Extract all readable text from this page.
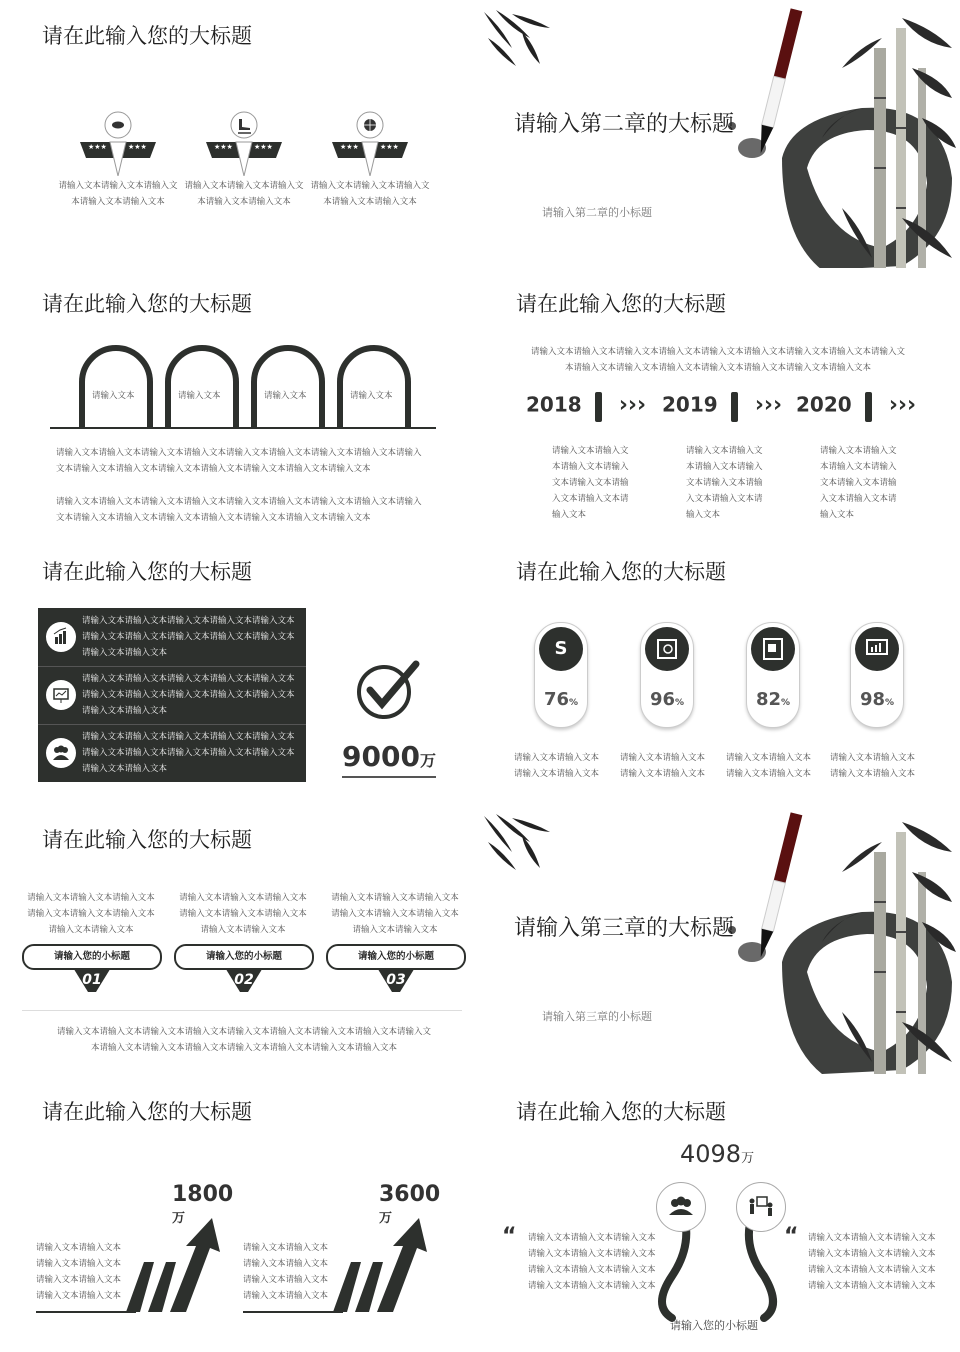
请在此输入您的大标题
★★★	★★★
请输入文本请输入文本请输入文本请输入文本请输入文本
★★★	★★★
请输入文本请输入文本请输入文本请输入文本请输入文本
★★★	★★★
请输入文本请输入文本请输入文本请输入文本请输入文本
请输入第二章的大标题
请输入第二章的小标题
请在此输入您的大标题
请输入文本	请输入文本	请输入文本	请输入文本
请输入文本请输入文本请输入文本请输入文本请输入文本请输入文本请输入文本请输入文本请输入文本请输入文本请输入文本请输入文本请输入文本请输入文本请输入文本请输入文本
请输入文本请输入文本请输入文本请输入文本请输入文本请输入文本请输入文本请输入文本请输入文本请输入文本请输入文本请输入文本请输入文本请输入文本请输入文本请输入文本
请在此输入您的大标题
请输入文本请输入文本请输入文本请输入文本请输入文本请输入文本请输入文本请输入文本请输入文本请输入文本请输入文本请输入文本请输入文本请输入文本请输入文本请输入文本
2018 ››› 2019 ››› 2020 ›››
请输入文本请输入文本请输入文本请输入文本请输入文本请输入文本请输入文本请输入文本
请输入文本请输入文本请输入文本请输入文本请输入文本请输入文本请输入文本请输入文本
请输入文本请输入文本请输入文本请输入文本请输入文本请输入文本请输入文本请输入文本
请在此输入您的大标题
请输入文本请输入文本请输入文本请输入文本请输入文本请输入文本请输入文本请输入文本请输入文本请输入文本请输入文本请输入文本
请输入文本请输入文本请输入文本请输入文本请输入文本请输入文本请输入文本请输入文本请输入文本请输入文本请输入文本请输入文本
请输入文本请输入文本请输入文本请输入文本请输入文本请输入文本请输入文本请输入文本请输入文本请输入文本请输入文本请输入文本	9000万
请在此输入您的大标题
S
76%	96%	82%	98%
请输入文本请输入文本请输入文本请输入文本
请输入文本请输入文本请输入文本请输入文本
请输入文本请输入文本请输入文本请输入文本
请输入文本请输入文本请输入文本请输入文本
请在此输入您的大标题
请输入文本请输入文本请输入文本请输入文本请输入文本请输入文本请输入文本请输入文本
请输入文本请输入文本请输入文本请输入文本请输入文本请输入文本请输入文本请输入文本
请输入文本请输入文本请输入文本请输入文本请输入文本请输入文本请输入文本请输入文本
请输入您的小标题
01
请输入您的小标题
02
请输入您的小标题
03
请输入文本请输入文本请输入文本请输入文本请输入文本请输入文本请输入文本请输入文本请输入文本请输入文本请输入文本请输入文本请输入文本请输入文本请输入文本请输入文本
请输入第三章的大标题
请输入第三章的小标题
请在此输入您的大标题
1800万
请输入文本请输入文本请输入文本请输入文本请输入文本请输入文本请输入文本请输入文本
3600万
请输入文本请输入文本请输入文本请输入文本请输入文本请输入文本请输入文本请输入文本
请在此输入您的大标题
4098万
“ 请输入文本请输入文本请输入文本请输入文本请输入文本请输入文本请输入文本请输入文本请输入文本请输入文本请输入文本请输入文本
“ 请输入文本请输入文本请输入文本请输入文本请输入文本请输入文本请输入文本请输入文本请输入文本请输入文本请输入文本请输入文本
请输入您的小标题
